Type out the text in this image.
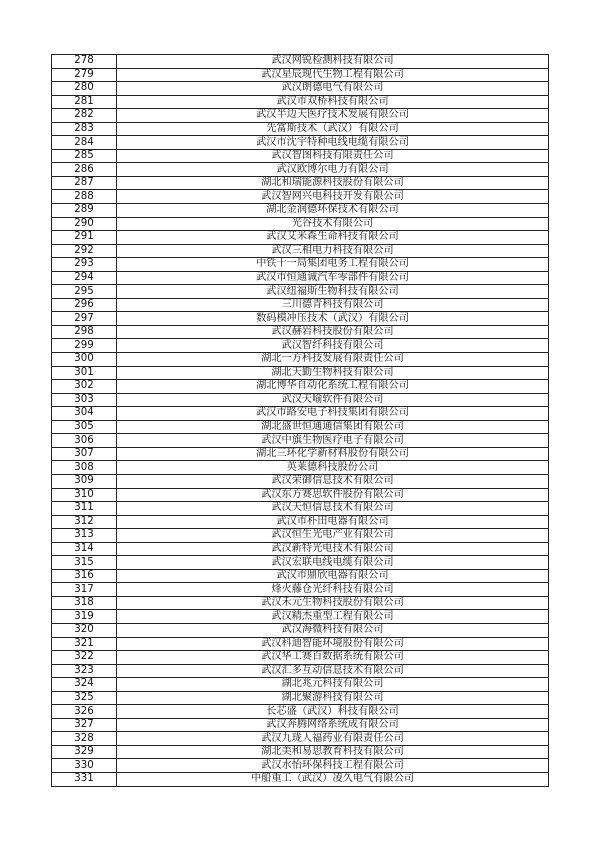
278	武汉网锐检测科技有限公司
279	武汉星辰现代生物工程有限公司
280	武汉朗德电气有限公司
281	武汉市双桥科技有限公司
282	武汉半边天医疗技术发展有限公司
283	先富斯技术（武汉）有限公司
284	武汉市沈宇特种电线电缆有限公司
285	武汉智图科技有限责任公司
286	武汉欧博尔电力有限公司
287	湖北和瑞能源科技股份有限公司
288	武汉智网兴电科技开发有限公司
289	湖北金润德环保技术有限公司
290	光谷技术有限公司
291	武汉艾米森生命科技有限公司
292	武汉三相电力科技有限公司
293	中铁十一局集团电务工程有限公司
294	武汉市恒通诚汽车零部件有限公司
295	武汉纽福斯生物科技有限公司
296	三川德青科技有限公司
297	数码模冲压技术（武汉）有限公司
298	武汉赫岩科技股份有限公司
299	武汉智纤科技有限公司
300	湖北一方科技发展有限责任公司
301	湖北天勤生物科技有限公司
302	湖北博华自动化系统工程有限公司
303	武汉天喻软件有限公司
304	武汉市路安电子科技集团有限公司
305	湖北盛世恒通通信集团有限公司
306	武汉中旗生物医疗电子有限公司
307	湖北三环化学新材料股份有限公司
308	英莱德科技股份公司
309	武汉荣御信息技术有限公司
310	武汉东方赛思软件股份有限公司
311	武汉天恒信息技术有限公司
312	武汉市朴田电器有限公司
313	武汉恒生光电产业有限公司
314	武汉新特光电技术有限公司
315	武汉宏联电线电缆有限公司
316	武汉市鼎欣电器有限公司
317	烽火藤仓光纤科技有限公司
318	武汉禾元生物科技股份有限公司
319	武汉精杰重型工程有限公司
320	武汉海微科技有限公司
321	武汉科迪智能环境股份有限公司
322	武汉华工赛百数据系统有限公司
323	武汉汇多互动信息技术有限公司
324	湖北兆元科技有限公司
325	湖北聚游科技有限公司
326	长芯盛（武汉）科技有限公司
327	武汉奔腾网络系统成有限公司
328	武汉九珑人福药业有限责任公司
329	湖北美和易思教育科技有限公司
330	武汉水怡环保科技工程有限公司
331	中船重工（武汉）凌久电气有限公司
